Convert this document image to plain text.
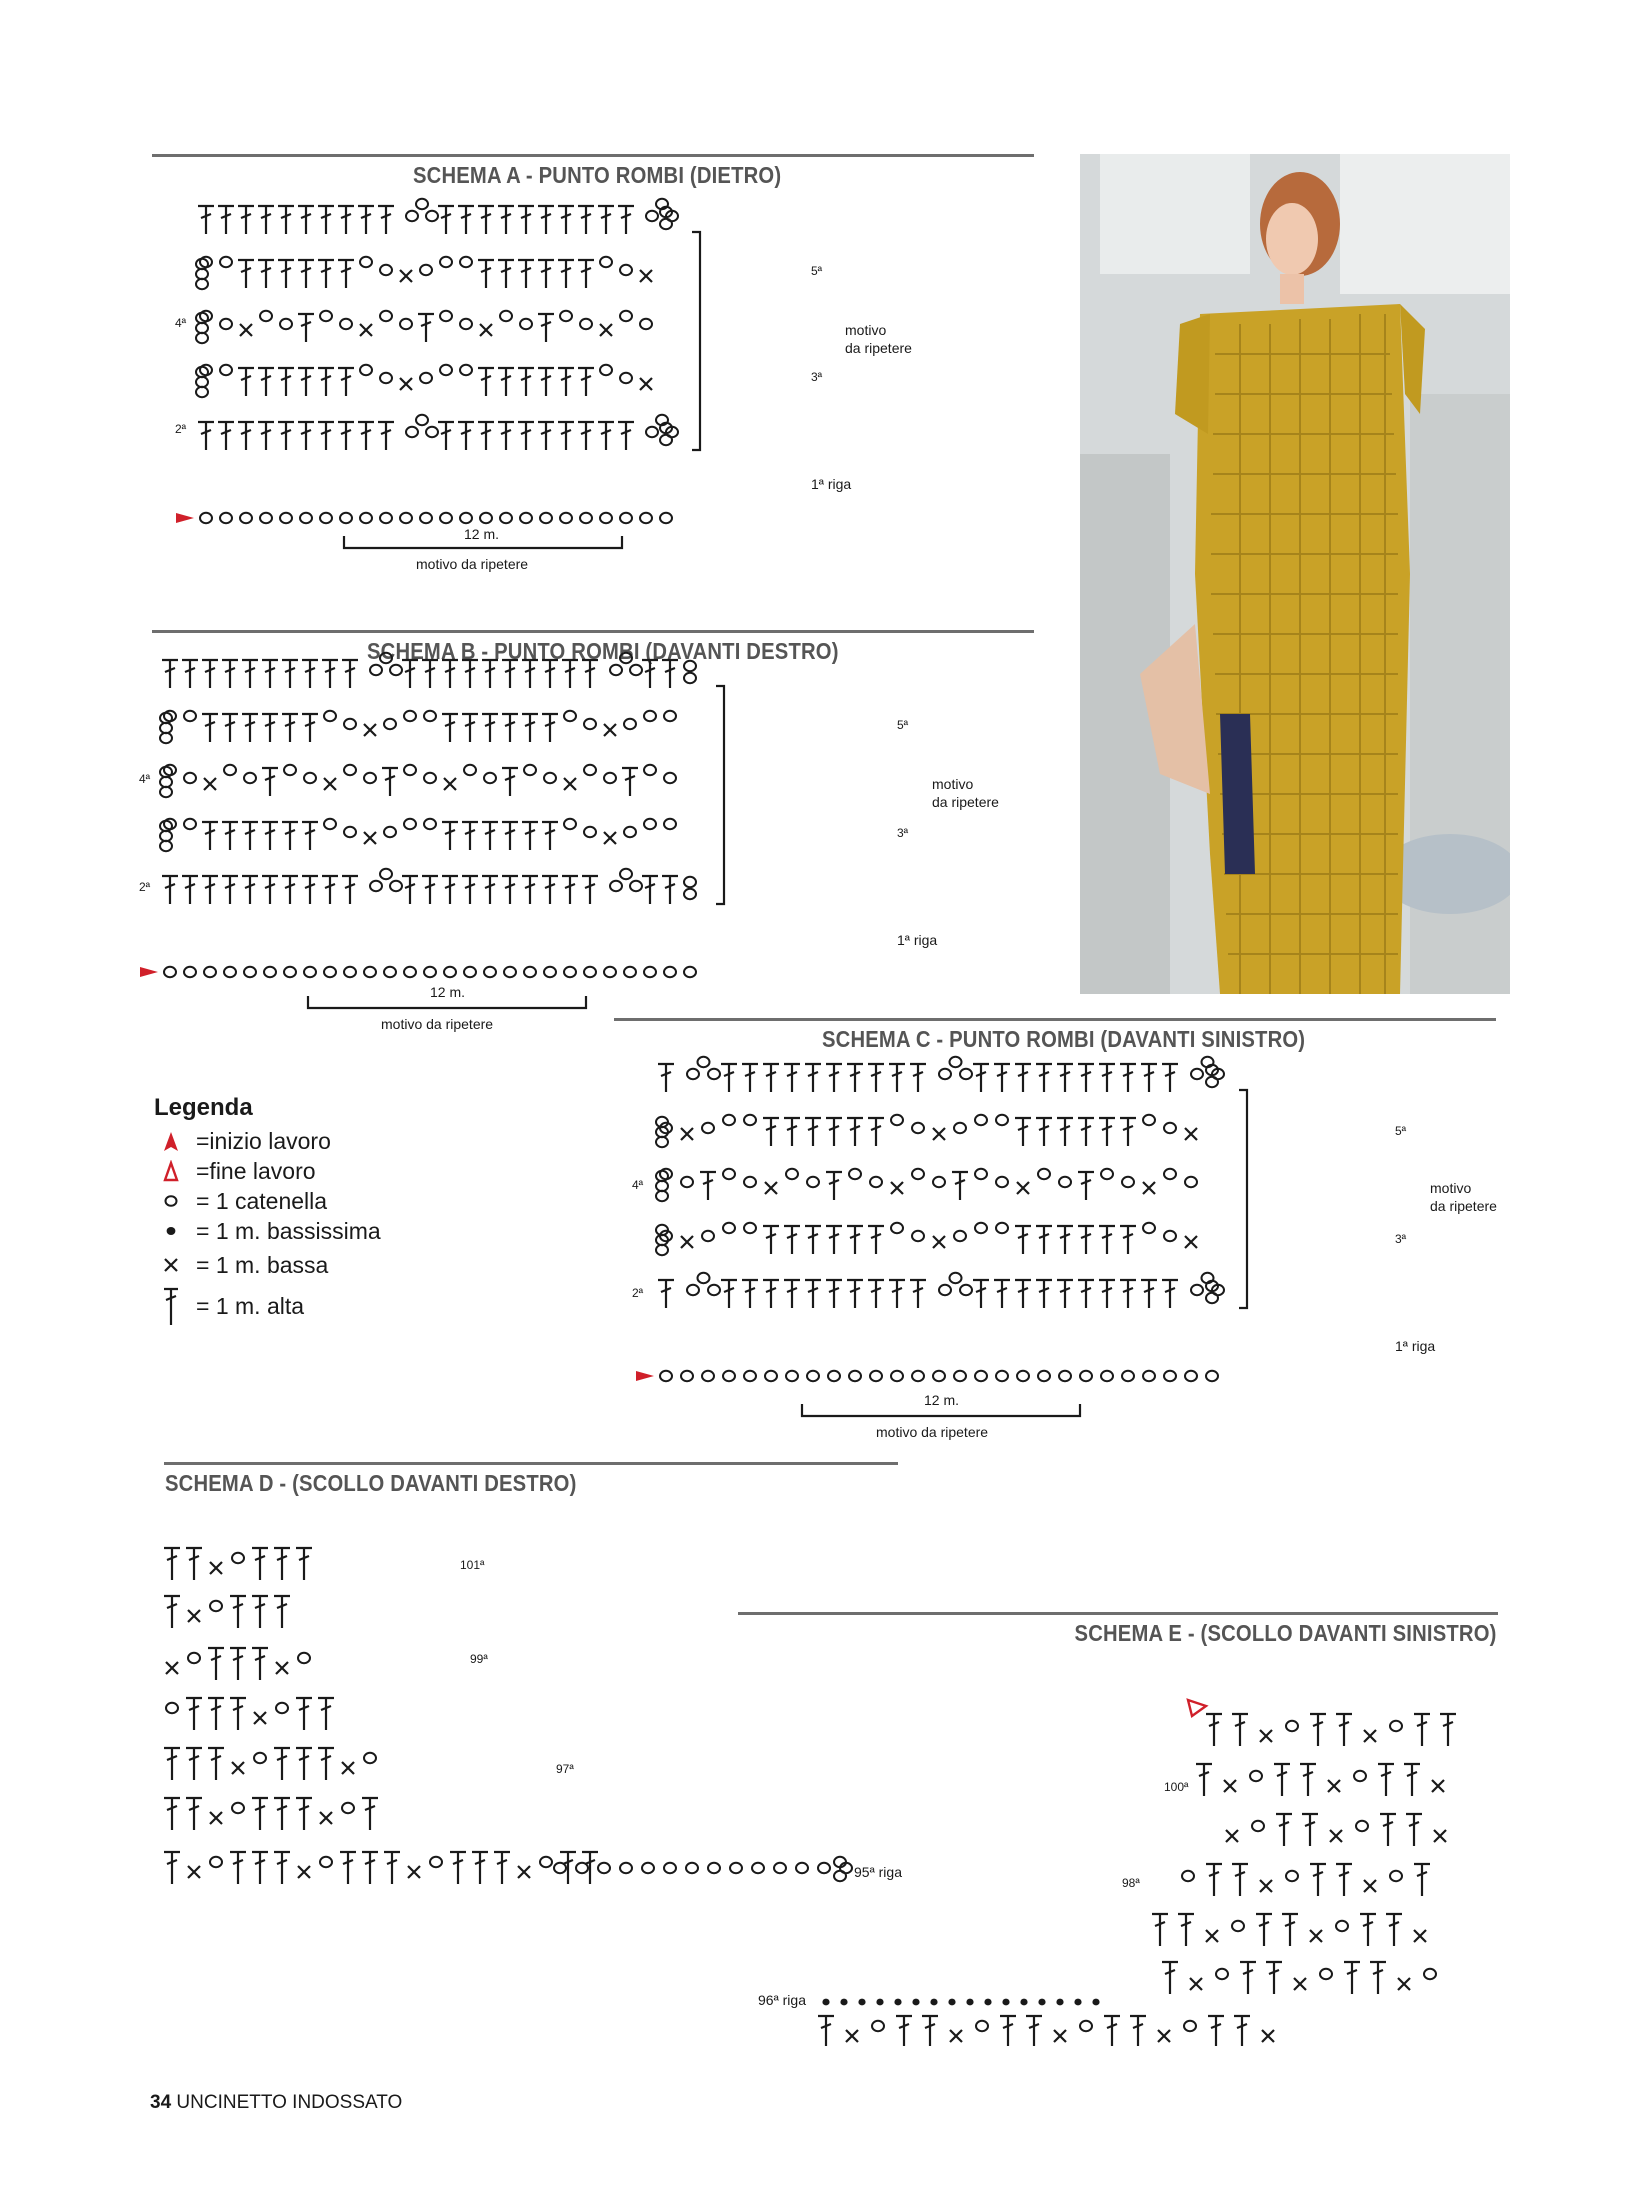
SCHEMA A - PUNTO ROMBI (DIETRO)
SCHEMA B - PUNTO ROMBI (DAVANTI DESTRO)
SCHEMA C - PUNTO ROMBI (DAVANTI SINISTRO)
SCHEMA D - (SCOLLO DAVANTI DESTRO)
SCHEMA E - (SCOLLO DAVANTI SINISTRO)
motivo
da ripetere
5ª
4ª
3ª
2ª
1ª riga
12 m.
motivo da ripetere
motivo
da ripetere
5ª
4ª
3ª
2ª
1ª riga
12 m.
motivo da ripetere
motivo
da ripetere
5ª
4ª
3ª
2ª
1ª riga
12 m.
motivo da ripetere
101ª
99ª
97ª
95ª riga
100ª
98ª
96ª riga
Legenda
=inizio lavoro
=fine lavoro
= 1 catenella
= 1 m. bassissima
= 1 m. bassa
= 1 m. alta
34 UNCINETTO INDOSSATO
